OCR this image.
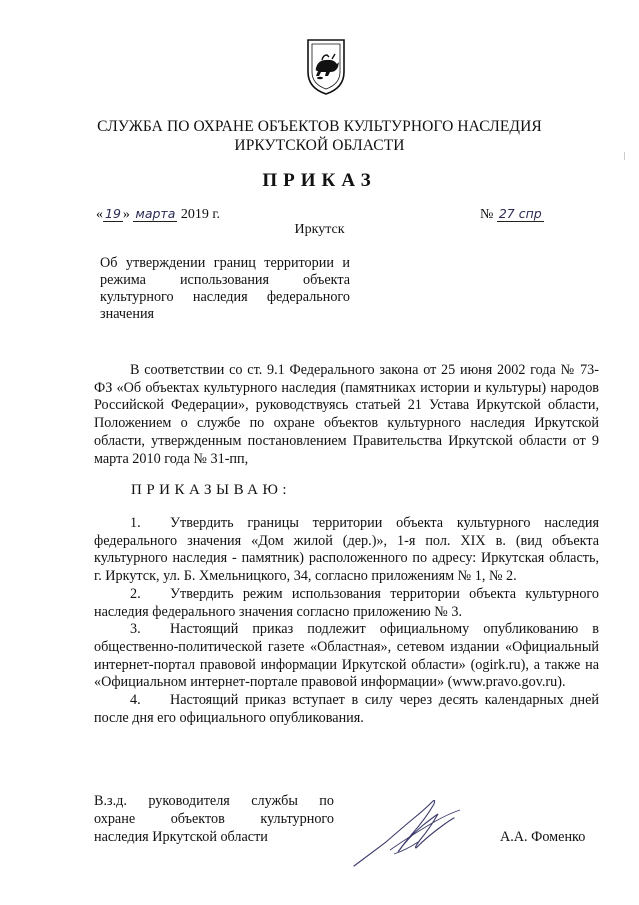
СЛУЖБА ПО ОХРАНЕ ОБЪЕКТОВ КУЛЬТУРНОГО НАСЛЕДИЯ
ИРКУТСКОЙ ОБЛАСТИ
ПРИКАЗ
« 19 » марта 2019 г.	№ 27 спр
Иркутск
Об утверждении границ территории и режима использования объекта культурного наследия федерального значения
В соответствии со ст. 9.1 Федерального закона от 25 июня 2002 года № 73-ФЗ «Об объектах культурного наследия (памятниках истории и культуры) народов Российской Федерации», руководствуясь статьей 21 Устава Иркутской области, Положением о службе по охране объектов культурного наследия Иркутской области, утвержденным постановлением Правительства Иркутской области от 9 марта 2010 года № 31-пп,
ПРИКАЗЫВАЮ:
1. Утвердить границы территории объекта культурного наследия федерального значения «Дом жилой (дер.)», 1-я пол. XIX в. (вид объекта культурного наследия - памятник) расположенного по адресу: Иркутская область, г. Иркутск, ул. Б. Хмельницкого, 34, согласно приложениям № 1, № 2.
2. Утвердить режим использования территории объекта культурного наследия федерального значения согласно приложению № 3.
3. Настоящий приказ подлежит официальному опубликованию в общественно-политической газете «Областная», сетевом издании «Официальный интернет-портал правовой информации Иркутской области» (ogirk.ru), а также на «Официальном интернет-портале правовой информации» (www.pravo.gov.ru).
4. Настоящий приказ вступает в силу через десять календарных дней после дня его официального опубликования.
В.з.д. руководителя службы по
охране объектов культурного
наследия Иркутской области	А.А. Фоменко
